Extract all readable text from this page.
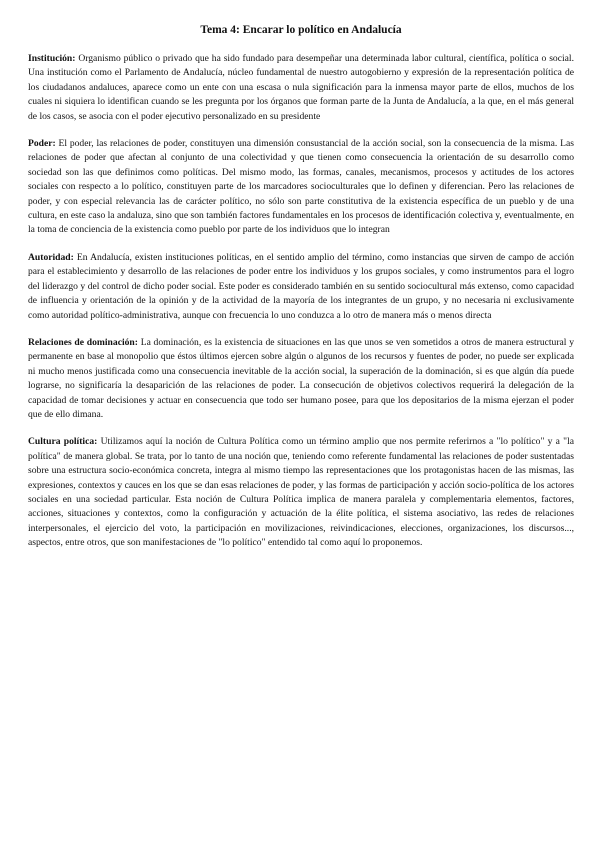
Tema 4: Encarar lo político en Andalucía

Institución: Organismo público o privado que ha sido fundado para desempeñar una determinada labor cultural, científica, política o social. Una institución como el Parlamento de Andalucía, núcleo fundamental de nuestro autogobierno y expresión de la representación política de los ciudadanos andaluces, aparece como un ente con una escasa o nula significación para la inmensa mayor parte de ellos, muchos de los cuales ni siquiera lo identifican cuando se les pregunta por los órganos que forman parte de la Junta de Andalucía, a la que, en el más general de los casos, se asocia con el poder ejecutivo personalizado en su presidente

Poder: El poder, las relaciones de poder, constituyen una dimensión consustancial de la acción social, son la consecuencia de la misma. Las relaciones de poder que afectan al conjunto de una colectividad y que tienen como consecuencia la orientación de su desarrollo como sociedad son las que definimos como políticas. Del mismo modo, las formas, canales, mecanismos, procesos y actitudes de los actores sociales con respecto a lo político, constituyen parte de los marcadores socioculturales que lo definen y diferencian. Pero las relaciones de poder, y con especial relevancia las de carácter político, no sólo son parte constitutiva de la existencia específica de un pueblo y de una cultura, en este caso la andaluza, sino que son también factores fundamentales en los procesos de identificación colectiva y, eventualmente, en la toma de conciencia de la existencia como pueblo por parte de los individuos que lo integran

Autoridad: En Andalucía, existen instituciones políticas, en el sentido amplio del término, como instancias que sirven de campo de acción para el establecimiento y desarrollo de las relaciones de poder entre los individuos y los grupos sociales, y como instrumentos para el logro del liderazgo y del control de dicho poder social. Este poder es considerado también en su sentido sociocultural más extenso, como capacidad de influencia y orientación de la opinión y de la actividad de la mayoría de los integrantes de un grupo, y no necesaria ni exclusivamente como autoridad político-administrativa, aunque con frecuencia lo uno conduzca a lo otro de manera más o menos directa

Relaciones de dominación: La dominación, es la existencia de situaciones en las que unos se ven sometidos a otros de manera estructural y permanente en base al monopolio que éstos últimos ejercen sobre algún o algunos de los recursos y fuentes de poder, no puede ser explicada ni mucho menos justificada como una consecuencia inevitable de la acción social, la superación de la dominación, si es que algún día puede lograrse, no significaría la desaparición de las relaciones de poder. La consecución de objetivos colectivos requerirá la delegación de la capacidad de tomar decisiones y actuar en consecuencia que todo ser humano posee, para que los depositarios de la misma ejerzan el poder que de ello dimana.

Cultura política: Utilizamos aquí la noción de Cultura Política como un término amplio que nos permite referirnos a "lo político" y a "la política" de manera global. Se trata, por lo tanto de una noción que, teniendo como referente fundamental las relaciones de poder sustentadas sobre una estructura socio-económica concreta, integra al mismo tiempo las representaciones que los protagonistas hacen de las mismas, las expresiones, contextos y cauces en los que se dan esas relaciones de poder, y las formas de participación y acción socio-política de los actores sociales en una sociedad particular. Esta noción de Cultura Política implica de manera paralela y complementaria elementos, factores, acciones, situaciones y contextos, como la configuración y actuación de la élite política, el sistema asociativo, las redes de relaciones interpersonales, el ejercicio del voto, la participación en movilizaciones, reivindicaciones, elecciones, organizaciones, los discursos..., aspectos, entre otros, que son manifestaciones de "lo político" entendido tal como aquí lo proponemos.
